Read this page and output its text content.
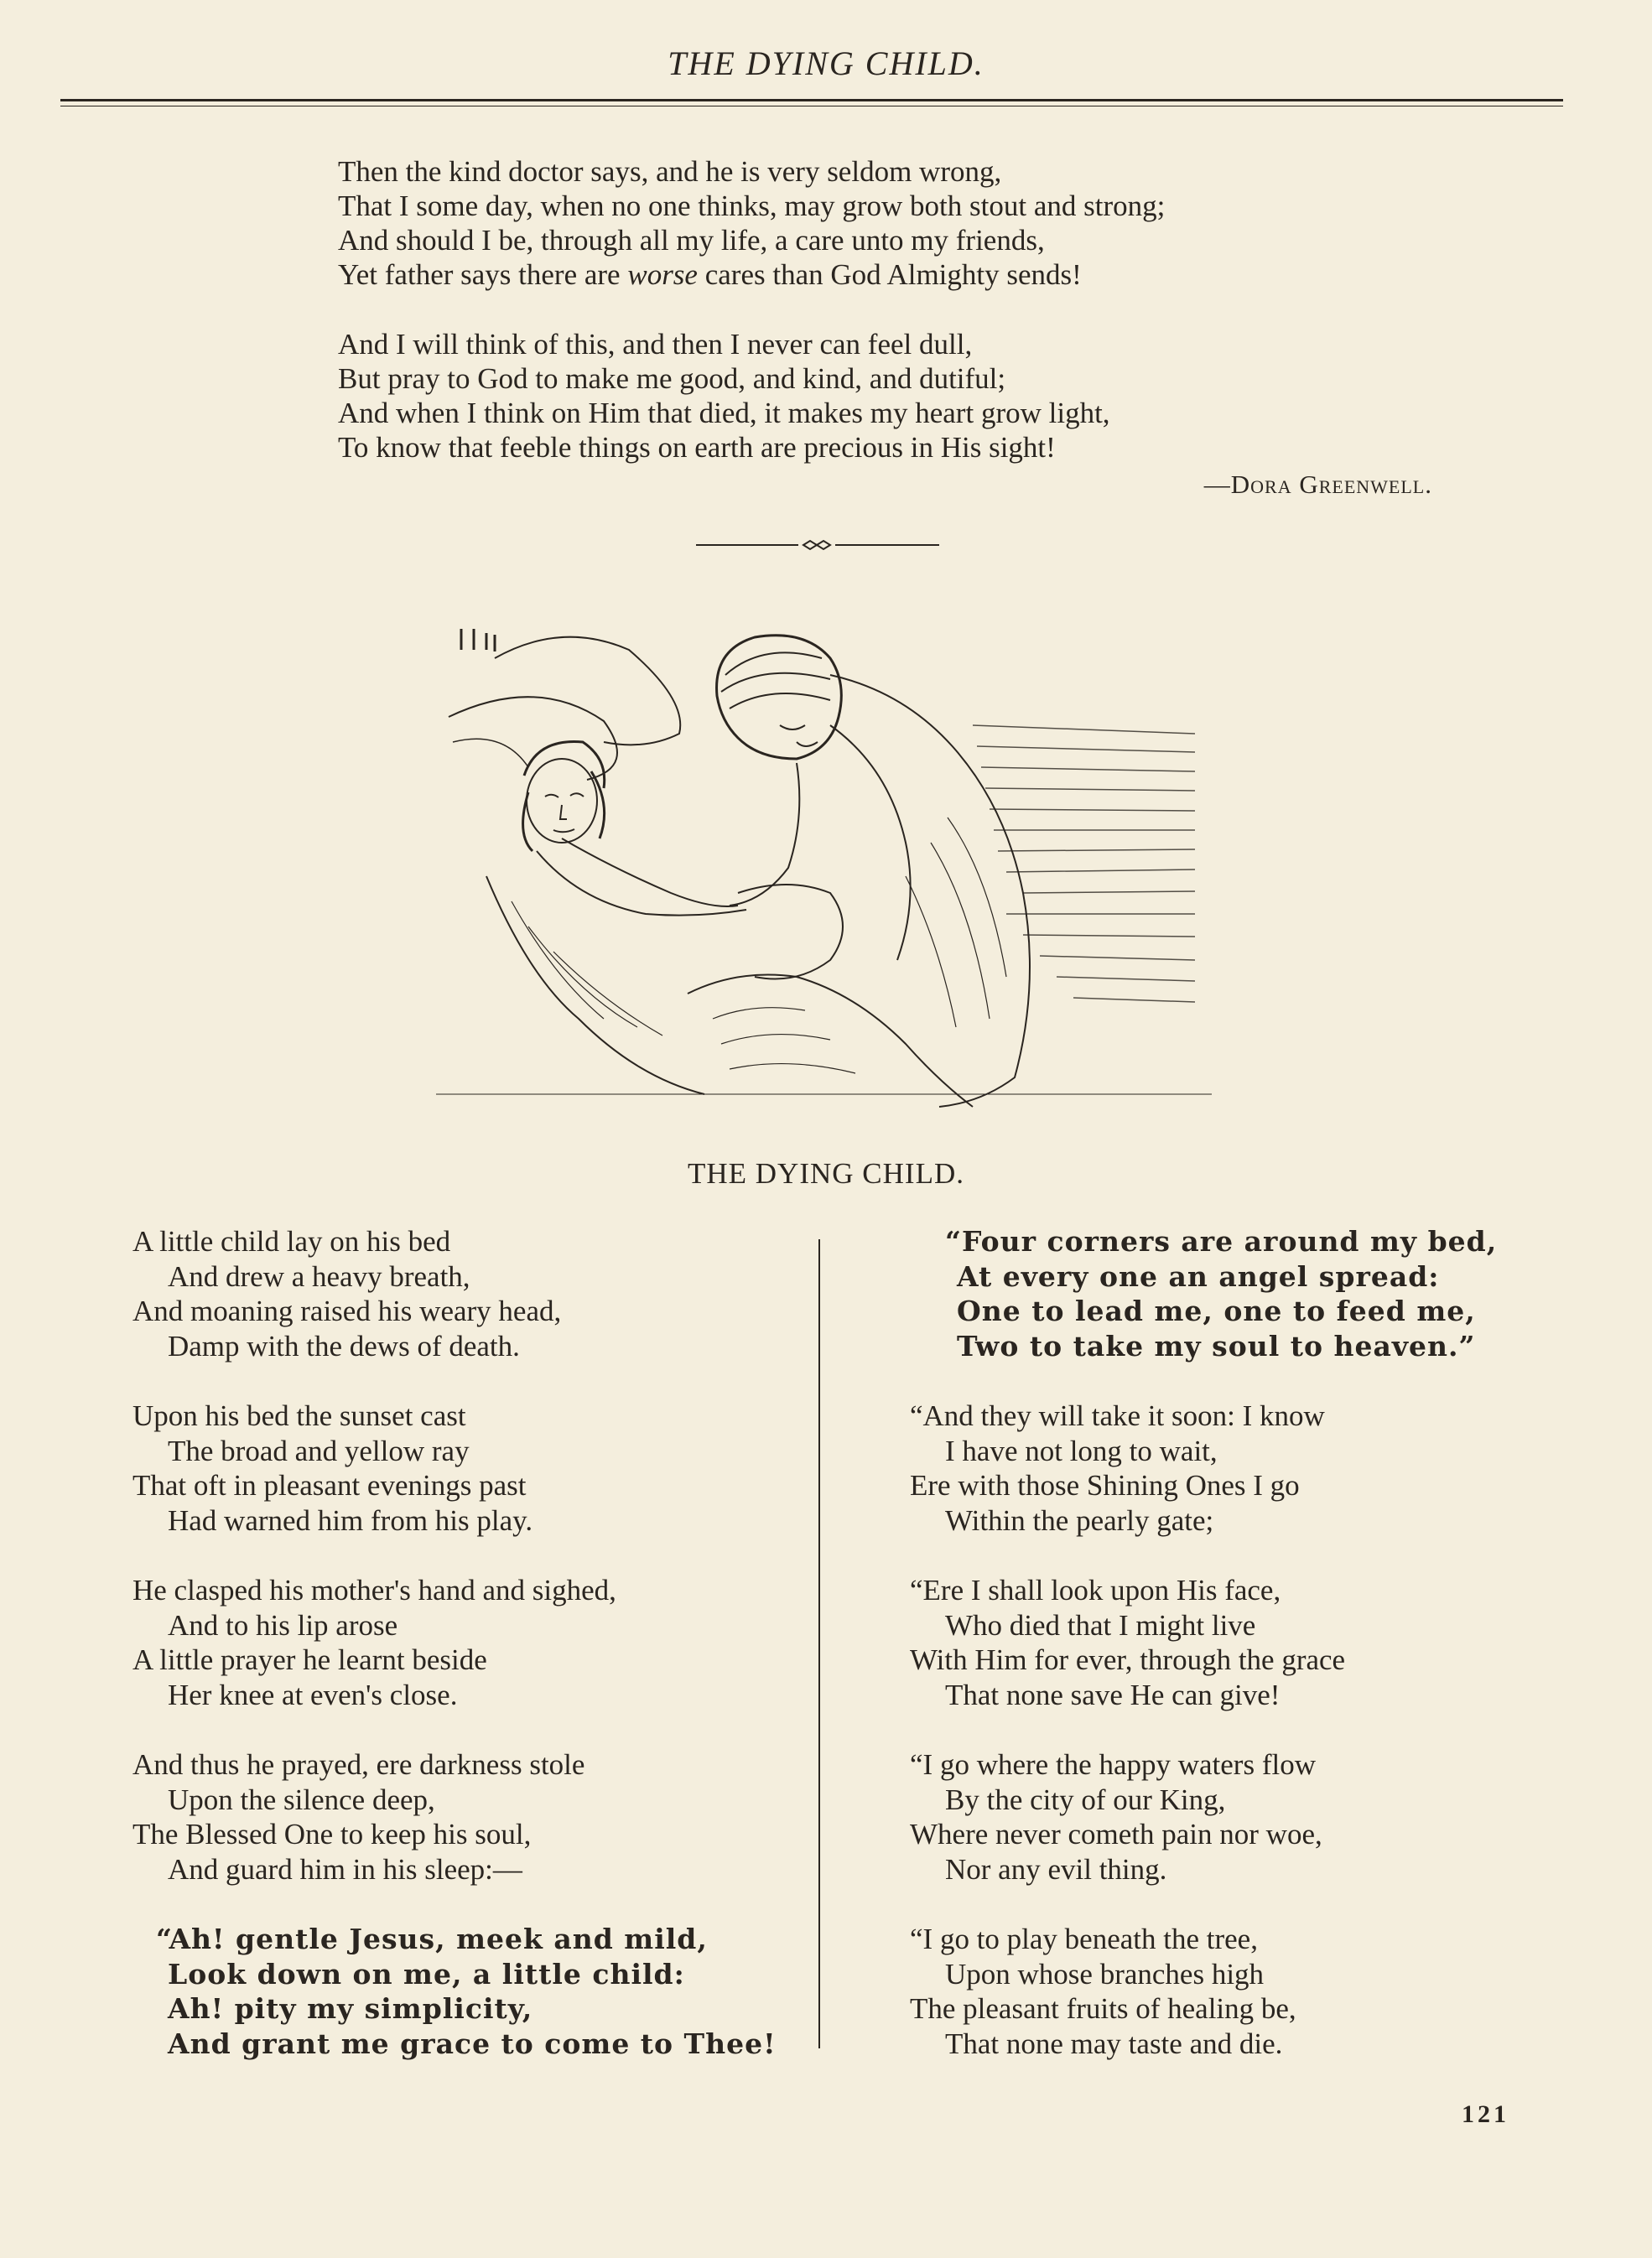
THE DYING CHILD.
Then the kind doctor says, and he is very seldom wrong,
That I some day, when no one thinks, may grow both stout and strong;
And should I be, through all my life, a care unto my friends,
Yet father says there are worse cares than God Almighty sends!
And I will think of this, and then I never can feel dull,
But pray to God to make me good, and kind, and dutiful;
And when I think on Him that died, it makes my heart grow light,
To know that feeble things on earth are precious in His sight!
—Dora Greenwell.
THE DYING CHILD.
A little child lay on his bed
And drew a heavy breath,
And moaning raised his weary head,
Damp with the dews of death.
Upon his bed the sunset cast
The broad and yellow ray
That oft in pleasant evenings past
Had warned him from his play.
He clasped his mother's hand and sighed,
And to his lip arose
A little prayer he learnt beside
Her knee at even's close.
And thus he prayed, ere darkness stole
Upon the silence deep,
The Blessed One to keep his soul,
And guard him in his sleep:—
“Ah! gentle Jesus, meek and mild,
Look down on me, a little child:
Ah! pity my simplicity,
And grant me grace to come to Thee!
“Four corners are around my bed,
At every one an angel spread:
One to lead me, one to feed me,
Two to take my soul to heaven.”
“And they will take it soon: I know
I have not long to wait,
Ere with those Shining Ones I go
Within the pearly gate;
“Ere I shall look upon His face,
Who died that I might live
With Him for ever, through the grace
That none save He can give!
“I go where the happy waters flow
By the city of our King,
Where never cometh pain nor woe,
Nor any evil thing.
“I go to play beneath the tree,
Upon whose branches high
The pleasant fruits of healing be,
That none may taste and die.
121
